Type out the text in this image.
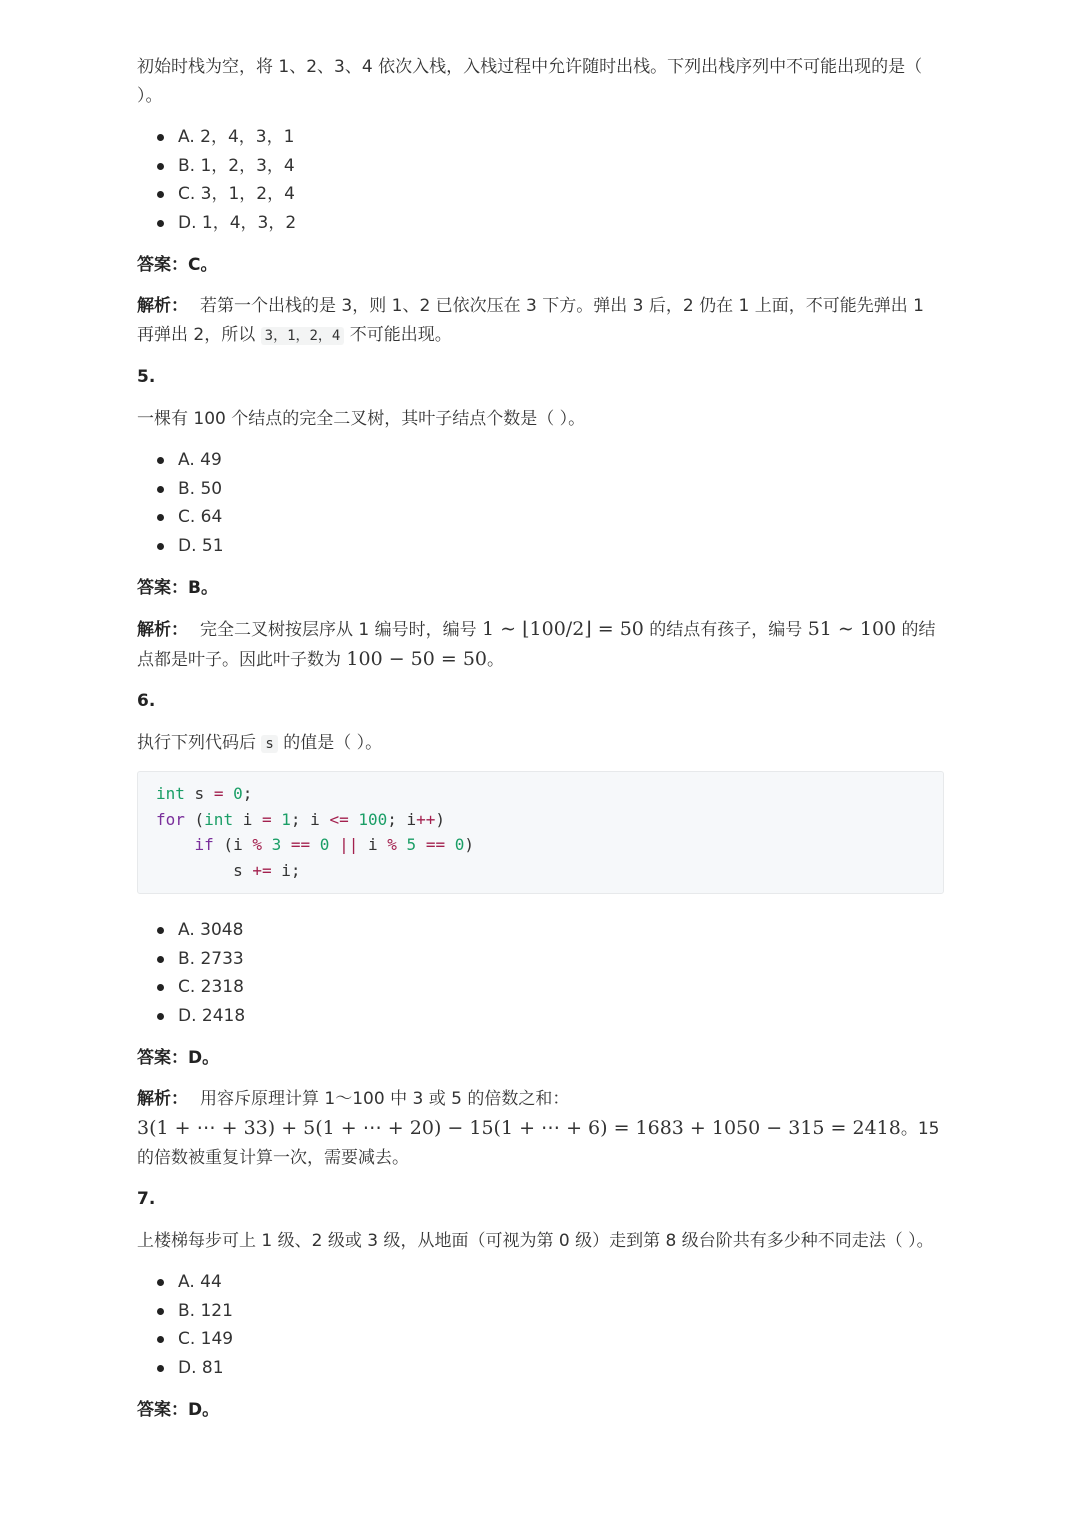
初始时栈为空，将 1、2、3、4 依次入栈，入栈过程中允许随时出栈。下列出栈序列中不可能出现的是（ ）。

A. 2，4，3，1
B. 1，2，3，4
C. 3，1，2，4
D. 1，4，3，2

答案：C。

解析： 若第一个出栈的是 3，则 1、2 已依次压在 3 下方。弹出 3 后，2 仍在 1 上面，不可能先弹出 1 再弹出 2，所以 3，1，2，4 不可能出现。

5.

一棵有 100 个结点的完全二叉树，其叶子结点个数是（ ）。

A. 49
B. 50
C. 64
D. 51

答案：B。

解析： 完全二叉树按层序从 1 编号时，编号 1 ∼ ⌊100/2⌋ = 50 的结点有孩子，编号 51 ∼ 100 的结点都是叶子。因此叶子数为 100 − 50 = 50。

6.

执行下列代码后 s 的值是（ ）。

int s = 0;
for (int i = 1; i <= 100; i++)
if (i % 3 == 0 || i % 5 == 0)
s += i;
A. 3048
B. 2733
C. 2318
D. 2418

答案：D。

解析： 用容斥原理计算 1～100 中 3 或 5 的倍数之和：
3(1 + ⋯ + 33) + 5(1 + ⋯ + 20) − 15(1 + ⋯ + 6) = 1683 + 1050 − 315 = 2418。15 的倍数被重复计算一次，需要减去。

7.

上楼梯每步可上 1 级、2 级或 3 级，从地面（可视为第 0 级）走到第 8 级台阶共有多少种不同走法（ ）。

A. 44
B. 121
C. 149
D. 81

答案：D。
